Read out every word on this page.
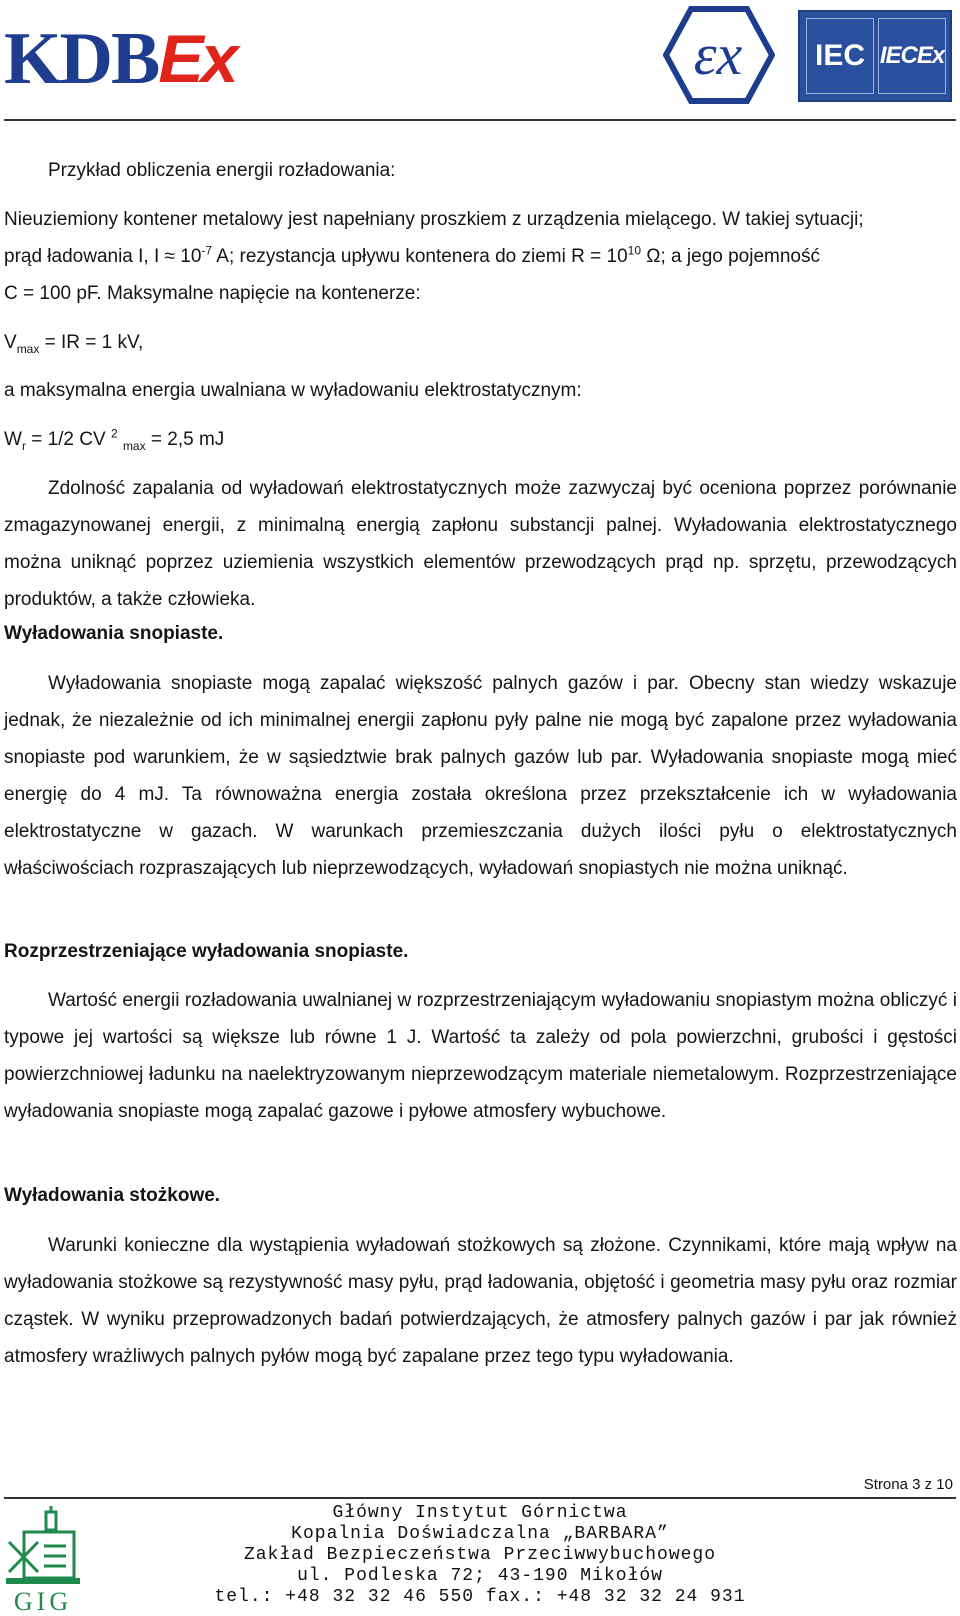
KDB Ex	εx IEC IECEx
Przykład obliczenia energii rozładowania:
Nieuziemiony kontener metalowy jest napełniany proszkiem z urządzenia mielącego. W takiej sytuacji;
prąd ładowania I, $I \approx 10^{-7}$ A; rezystancja upływu kontenera do ziemi $R = 10^{10}$ Ω; a jego pojemność
C = 100 pF. Maksymalne napięcie na kontenerze:
$V_{max}$ = IR = 1 kV,
a maksymalna energia uwalniana w wyładowaniu elektrostatycznym:
$W_r = 1/2$ CV $^2$ $_{max}$ = 2,5 mJ

Zdolność zapalania od wyładowań elektrostatycznych może zazwyczaj być oceniona poprzez porównanie zmagazynowanej energii, z minimalną energią zapłonu substancji palnej. Wyładowania elektrostatycznego można uniknąć poprzez uziemienia wszystkich elementów przewodzących prąd np. sprzętu, przewodzących produktów, a także człowieka.

Wyładowania snopiaste.

Wyładowania snopiaste mogą zapalać większość palnych gazów i par. Obecny stan wiedzy wskazuje jednak, że niezależnie od ich minimalnej energii zapłonu pyły palne nie mogą być zapalone przez wyładowania snopiaste pod warunkiem, że w sąsiedztwie brak palnych gazów lub par. Wyładowania snopiaste mogą mieć energię do 4 mJ. Ta równoważna energia została określona przez przekształcenie ich w wyładowania elektrostatyczne w gazach. W warunkach przemieszczania dużych ilości pyłu o elektrostatycznych właściwościach rozpraszających lub nieprzewodzących, wyładowań snopiastych nie można uniknąć.

Rozprzestrzeniające wyładowania snopiaste.

Wartość energii rozładowania uwalnianej w rozprzestrzeniającym wyładowaniu snopiastym można obliczyć i typowe jej wartości są większe lub równe 1 J. Wartość ta zależy od pola powierzchni, grubości i gęstości powierzchniowej ładunku na naelektryzowanym nieprzewodzącym materiale niemetalowym. Rozprzestrzeniające wyładowania snopiaste mogą zapalać gazowe i pyłowe atmosfery wybuchowe.

Wyładowania stożkowe.

Warunki konieczne dla wystąpienia wyładowań stożkowych są złożone. Czynnikami, które mają wpływ na wyładowania stożkowe są rezystywność masy pyłu, prąd ładowania, objętość i geometria masy pyłu oraz rozmiar cząstek. W wyniku przeprowadzonych badań potwierdzających, że atmosfery palnych gazów i par jak również atmosfery wrażliwych palnych pyłów mogą być zapalane przez tego typu wyładowania.

Strona 3 z 10
GIG
Główny Instytut Górnictwa
Kopalnia Doświadczalna „BARBARA”
Zakład Bezpieczeństwa Przeciwwybuchowego
ul. Podleska 72; 43-190 Mikołów
tel.: +48 32 32 46 550 fax.: +48 32 32 24 931
